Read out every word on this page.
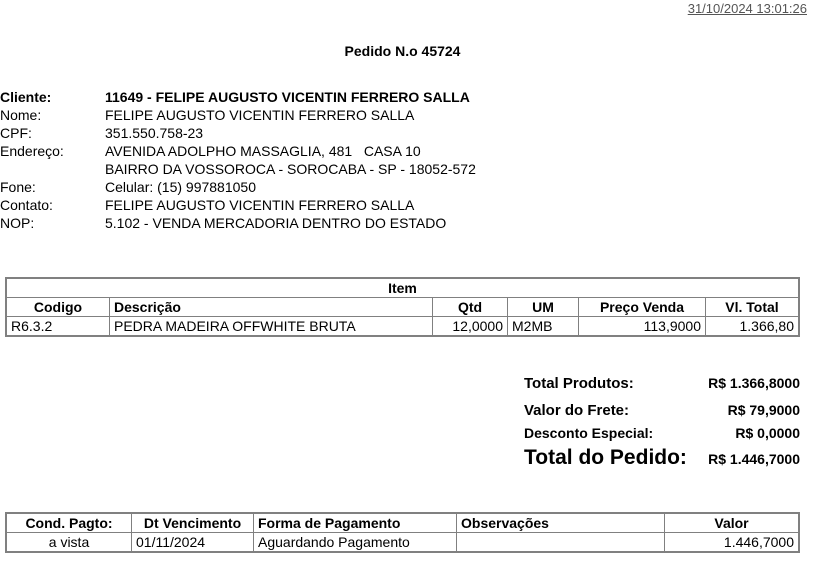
31/10/2024 13:01:26
Pedido N.o 45724
Cliente:	11649 - FELIPE AUGUSTO VICENTIN FERRERO SALLA
Nome:	FELIPE AUGUSTO VICENTIN FERRERO SALLA
CPF:	351.550.758-23
Endereço:	AVENIDA ADOLPHO MASSAGLIA, 481   CASA 10
BAIRRO DA VOSSOROCA - SOROCABA - SP - 18052-572
Fone:	Celular: (15) 997881050
Contato:	FELIPE AUGUSTO VICENTIN FERRERO SALLA
NOP:	5.102 - VENDA MERCADORIA DENTRO DO ESTADO
Item					
Codigo	Descrição	Qtd	UM	Preço Venda	Vl. Total
R6.3.2	PEDRA MADEIRA OFFWHITE BRUTA	12,0000	M2MB	113,9000	1.366,80
Total Produtos:	R$ 1.366,8000
Valor do Frete:	R$ 79,9000
Desconto Especial:	R$ 0,0000
Total do Pedido: R$ 1.446,7000
Cond. Pagto:	Dt Vencimento	Forma de Pagamento	Observações	Valor
a vista	01/11/2024	Aguardando Pagamento		1.446,7000
